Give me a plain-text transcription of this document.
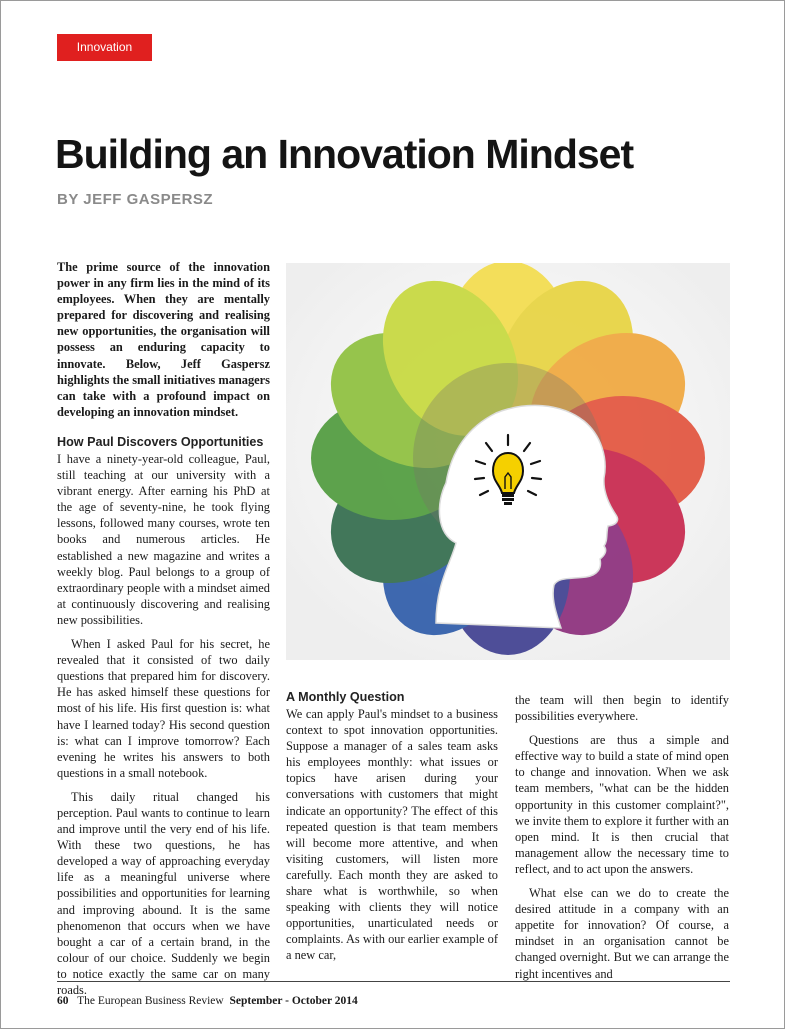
Innovation
Building an Innovation Mindset
BY JEFF GASPERSZ

The prime source of the innovation power in any firm lies in the mind of its employees. When they are mentally prepared for discovering and realising new opportunities, the organisation will possess an enduring capacity to innovate. Below, Jeff Gaspersz highlights the small initiatives managers can take with a profound impact on developing an innovation mindset.

How Paul Discovers Opportunities

I have a ninety-year-old colleague, Paul, still teaching at our university with a vibrant energy. After earning his PhD at the age of seventy-nine, he took flying lessons, followed many courses, wrote ten books and numerous articles. He established a new magazine and writes a weekly blog. Paul belongs to a group of extraordinary people with a mindset aimed at continuously discovering and realising new possibilities.

When I asked Paul for his secret, he revealed that it consisted of two daily questions that prepared him for discovery. He has asked himself these questions for most of his life. His first question is: what have I learned today? His second question is: what can I improve tomorrow? Each evening he writes his answers to both questions in a small notebook.

This daily ritual changed his perception. Paul wants to continue to learn and improve until the very end of his life. With these two questions, he has developed a way of approaching everyday life as a meaningful universe where possibilities and opportunities for learning and improving abound. It is the same phenomenon that occurs when we have bought a car of a certain brand, in the colour of our choice. Suddenly we begin to notice exactly the same car on many roads.

A Monthly Question

We can apply Paul's mindset to a business context to spot innovation opportunities. Suppose a manager of a sales team asks his employees monthly: what issues or topics have arisen during your conversations with customers that might indicate an opportunity? The effect of this repeated question is that team members will become more attentive, and when visiting customers, will listen more carefully. Each month they are asked to share what is worthwhile, so when speaking with clients they will notice opportunities, unarticulated needs or complaints. As with our earlier example of a new car,

the team will then begin to identify possibilities everywhere.

Questions are thus a simple and effective way to build a state of mind open to change and innovation. When we ask team members, "what can be the hidden opportunity in this customer complaint?", we invite them to explore it further with an open mind. It is then crucial that management allow the necessary time to reflect, and to act upon the answers.

What else can we do to create the desired attitude in a company with an appetite for innovation? Of course, a mindset in an organisation cannot be changed overnight. But we can arrange the right incentives and

60 The European Business Review September - October 2014
